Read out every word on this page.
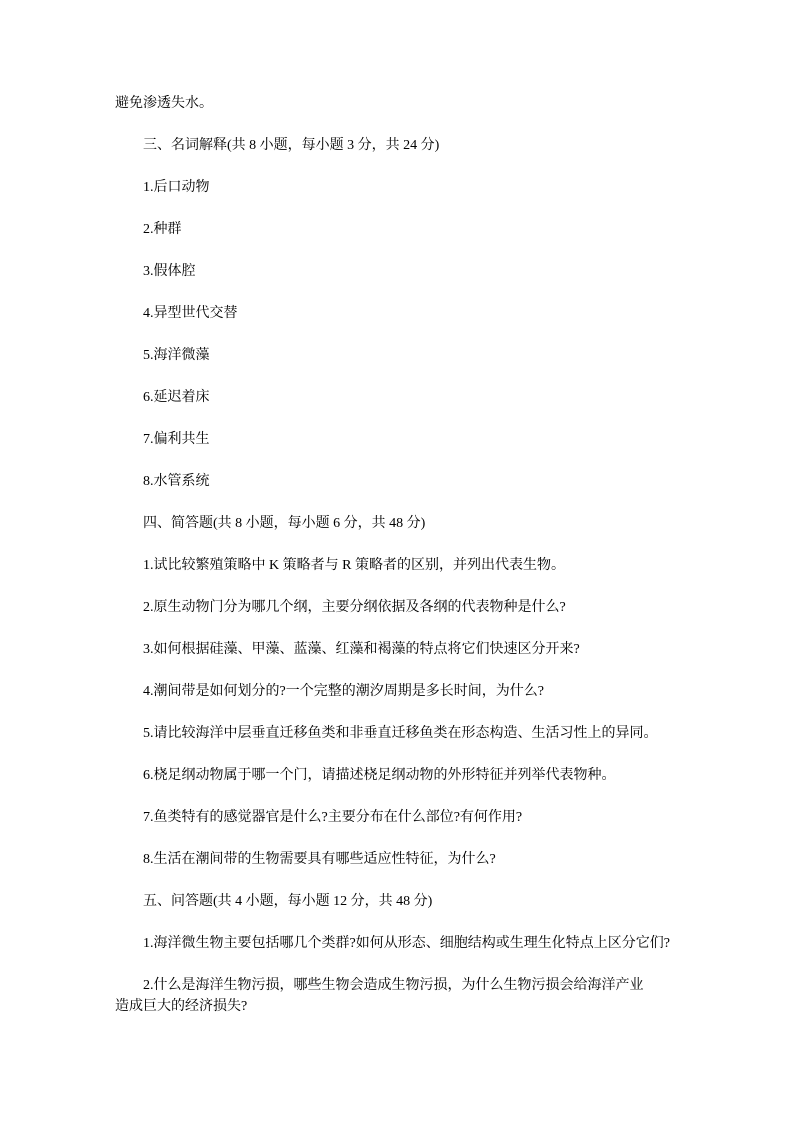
避免渗透失水。

三、名词解释(共 8 小题，每小题 3 分，共 24 分)

1.后口动物

2.种群

3.假体腔

4.异型世代交替

5.海洋微藻

6.延迟着床

7.偏利共生

8.水管系统

四、简答题(共 8 小题，每小题 6 分，共 48 分)

1.试比较繁殖策略中 K 策略者与 R 策略者的区别，并列出代表生物。

2.原生动物门分为哪几个纲，主要分纲依据及各纲的代表物种是什么?

3.如何根据硅藻、甲藻、蓝藻、红藻和褐藻的特点将它们快速区分开来?

4.潮间带是如何划分的?一个完整的潮汐周期是多长时间，为什么?

5.请比较海洋中层垂直迁移鱼类和非垂直迁移鱼类在形态构造、生活习性上的异同。

6.桡足纲动物属于哪一个门，请描述桡足纲动物的外形特征并列举代表物种。

7.鱼类特有的感觉器官是什么?主要分布在什么部位?有何作用?

8.生活在潮间带的生物需要具有哪些适应性特征，为什么?

五、问答题(共 4 小题，每小题 12 分，共 48 分)

1.海洋微生物主要包括哪几个类群?如何从形态、细胞结构或生理生化特点上区分它们?

2.什么是海洋生物污损，哪些生物会造成生物污损，为什么生物污损会给海洋产业造成巨大的经济损失?
